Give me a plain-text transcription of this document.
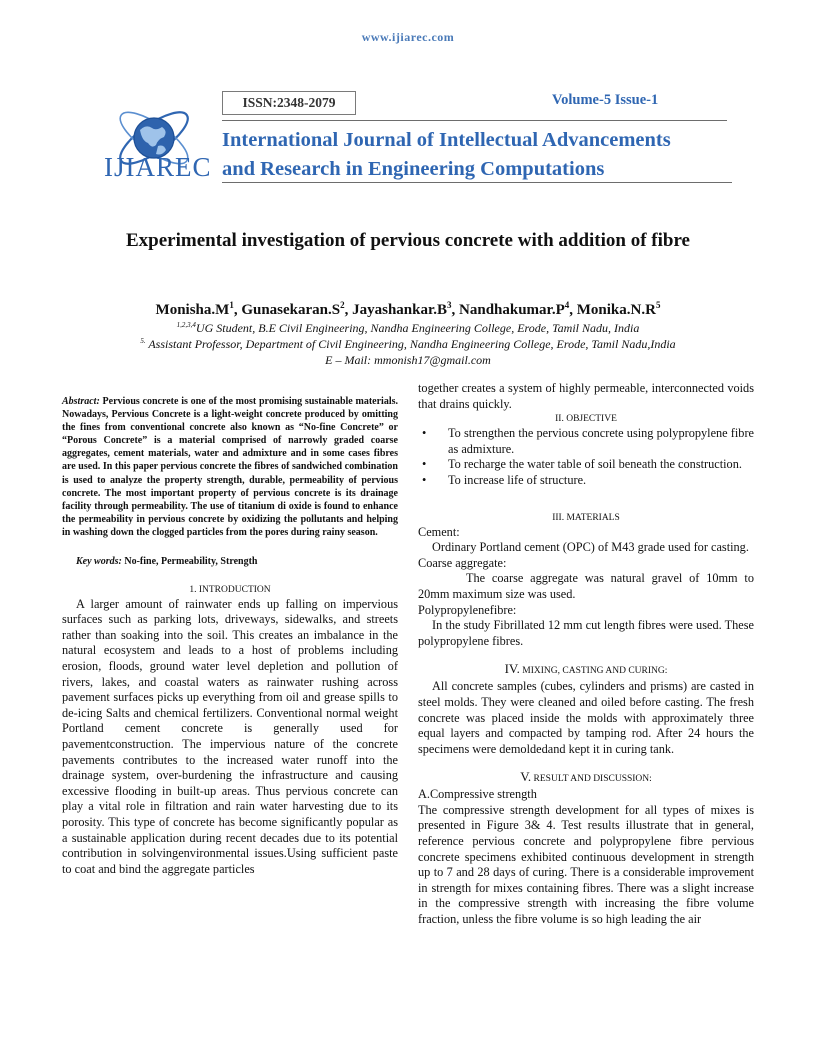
www.ijiarec.com
IJIAREC
ISSN:2348-2079	Volume-5 Issue-1
International Journal of Intellectual Advancements
and Research in Engineering Computations
Experimental investigation of pervious concrete with addition of fibre
$Monisha.M^1$, $Gunasekaran.S^2$, $Jayashankar.B^3$, $Nandhakumar.P^4$, $Monika.N.R^5$
$^{1,2,3,4}$UG Student, B.E Civil Engineering, Nandha Engineering College, Erode, Tamil Nadu, India
$^{5.}$ Assistant Professor, Department of Civil Engineering, Nandha Engineering College, Erode, Tamil Nadu,India
E – Mail: mmonish17@gmail.com

Abstract: Pervious concrete is one of the most promising sustainable materials. Nowadays, Pervious Concrete is a light-weight concrete produced by omitting the fines from conventional concrete also known as “No-fine Concrete” or “Porous Concrete” is a material comprised of narrowly graded coarse aggregates, cement materials, water and admixture and in some cases fibres are used. In this paper pervious concrete the fibres of sandwiched combination is used to analyze the property strength, durable, permeability of pervious concrete. The most important property of pervious concrete is its drainage facility through permeability. The use of titanium di oxide is found to enhance the permeability in pervious concrete by oxidizing the pollutants and helping in washing down the clogged particles from the pores during rainy season.

Key words: No-fine, Permeability, Strength

1. INTRODUCTION

A larger amount of rainwater ends up falling on impervious surfaces such as parking lots, driveways, sidewalks, and streets rather than soaking into the soil. This creates an imbalance in the natural ecosystem and leads to a host of problems including erosion, floods, ground water level depletion and pollution of rivers, lakes, and coastal waters as rainwater rushing across pavement surfaces picks up everything from oil and grease spills to de-icing Salts and chemical fertilizers. Conventional normal weight Portland cement concrete is generally used for pavementconstruction. The impervious nature of the concrete pavements contributes to the increased water runoff into the drainage system, over-burdening the infrastructure and causing excessive flooding in built-up areas. Thus pervious concrete can play a vital role in filtration and rain water harvesting due to its porosity. This type of concrete has become significantly popular as a sustainable application during recent decades due to its potential contribution in solvingenvironmental issues.Using sufficient paste to coat and bind the aggregate particles

together creates a system of highly permeable, interconnected voids that drains quickly.

II. OBJECTIVE
• To strengthen the pervious concrete using polypropylene fibre as admixture.
• To recharge the water table of soil beneath the construction.
• To increase life of structure.
III. MATERIALS

Cement:

Ordinary Portland cement (OPC) of M43 grade used for casting.

Coarse aggregate:

The coarse aggregate was natural gravel of 10mm to 20mm maximum size was used.

Polypropylenefibre:

In the study Fibrillated 12 mm cut length fibres were used. These polypropylene fibres.

IV. MIXING, CASTING AND CURING:

All concrete samples (cubes, cylinders and prisms) are casted in steel molds. They were cleaned and oiled before casting. The fresh concrete was placed inside the molds with approximately three equal layers and compacted by tamping rod. After 24 hours the specimens were demoldedand kept it in curing tank.

V. RESULT AND DISCUSSION:

A.Compressive strength

The compressive strength development for all types of mixes is presented in Figure 3& 4. Test results illustrate that in general, reference pervious concrete and polypropylene fibre pervious concrete specimens exhibited continuous development in strength up to 7 and 28 days of curing. There is a considerable improvement in strength for mixes containing fibres. There was a slight increase in the compressive strength with increasing the fibre volume fraction, unless the fibre volume is so high leading the air
